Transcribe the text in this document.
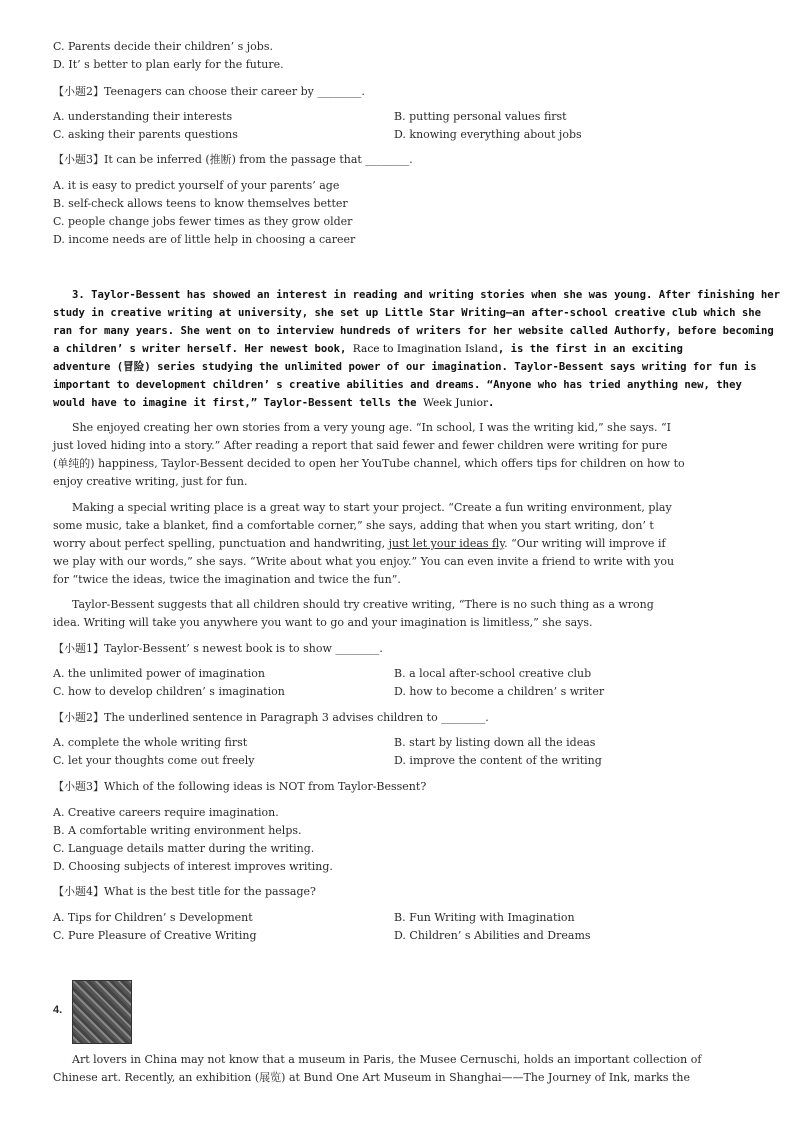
C. Parents decide their children’ s jobs.
D. It’ s better to plan early for the future.
【小题2】Teenagers can choose their career by ________.
A. understanding their interests	B. putting personal values first
C. asking their parents questions	D. knowing everything about jobs
【小题3】It can be inferred (推断) from the passage that ________.
A. it is easy to predict yourself of your parents’ age
B. self-check allows teens to know themselves better
C. people change jobs fewer times as they grow older
D. income needs are of little help in choosing a career
3. Taylor-Bessent has showed an interest in reading and writing stories when she was young. After finishing her
study in creative writing at university, she set up Little Star Writing—an after-school creative club which she
ran for many years. She went on to interview hundreds of writers for her website called Authorfy, before becoming
a children’ s writer herself. Her newest book, Race to Imagination Island, is the first in an exciting
adventure (冒险) series studying the unlimited power of our imagination. Taylor-Bessent says writing for fun is
important to development children’ s creative abilities and dreams. “Anyone who has tried anything new, they
would have to imagine it first,” Taylor-Bessent tells the Week Junior.
She enjoyed creating her own stories from a very young age. “In school, I was the writing kid,” she says. “I
just loved hiding into a story.” After reading a report that said fewer and fewer children were writing for pure
(单纯的) happiness, Taylor-Bessent decided to open her YouTube channel, which offers tips for children on how to
enjoy creative writing, just for fun.
Making a special writing place is a great way to start your project. “Create a fun writing environment, play
some music, take a blanket, find a comfortable corner,” she says, adding that when you start writing, don’ t
worry about perfect spelling, punctuation and handwriting, just let your ideas fly. “Our writing will improve if
we play with our words,” she says. “Write about what you enjoy.” You can even invite a friend to write with you
for “twice the ideas, twice the imagination and twice the fun”.
Taylor-Bessent suggests that all children should try creative writing, “There is no such thing as a wrong
idea. Writing will take you anywhere you want to go and your imagination is limitless,” she says.
【小题1】Taylor-Bessent’ s newest book is to show ________.
A. the unlimited power of imagination	B. a local after-school creative club
C. how to develop children’ s imagination	D. how to become a children’ s writer
【小题2】The underlined sentence in Paragraph 3 advises children to ________.
A. complete the whole writing first	B. start by listing down all the ideas
C. let your thoughts come out freely	D. improve the content of the writing
【小题3】Which of the following ideas is NOT from Taylor-Bessent?
A. Creative careers require imagination.
B. A comfortable writing environment helps.
C. Language details matter during the writing.
D. Choosing subjects of interest improves writing.
【小题4】What is the best title for the passage?
A. Tips for Children’ s Development	B. Fun Writing with Imagination
C. Pure Pleasure of Creative Writing	D. Children’ s Abilities and Dreams
4.
Art lovers in China may not know that a museum in Paris, the Musee Cernuschi, holds an important collection of
Chinese art. Recently, an exhibition (展览) at Bund One Art Museum in Shanghai——The Journey of Ink, marks the
